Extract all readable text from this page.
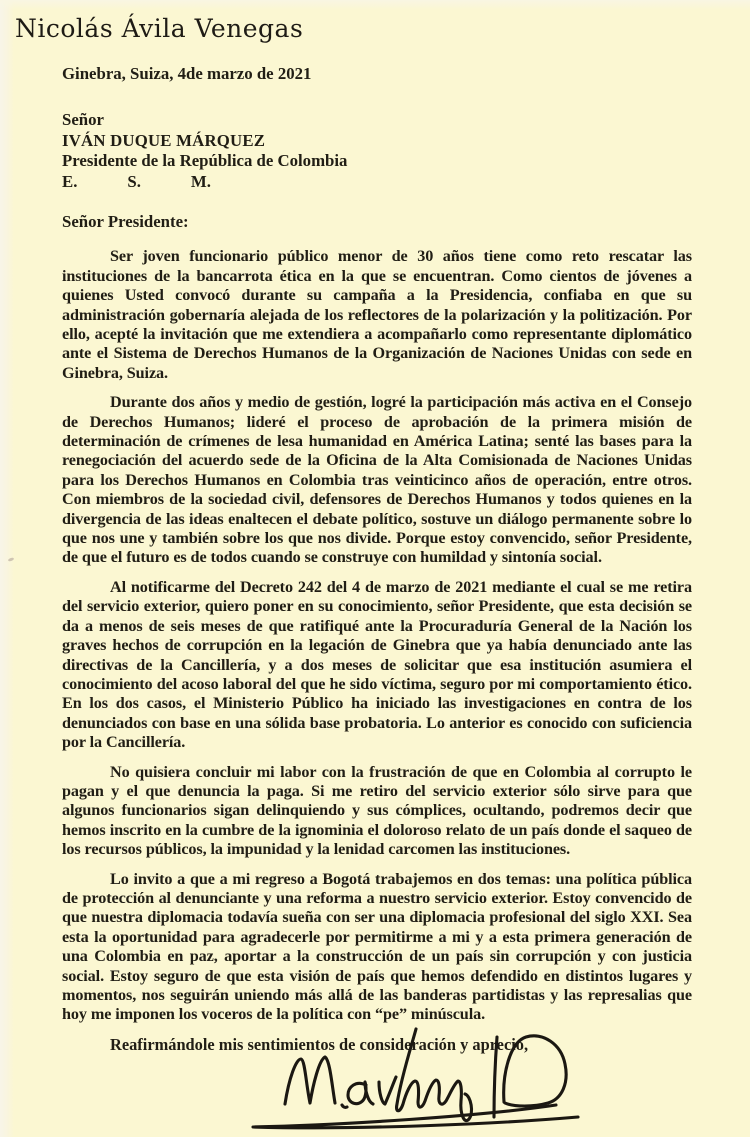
Nicolás Ávila Venegas
Ginebra, Suiza, 4de marzo de 2021
Señor
IVÁN DUQUE MÁRQUEZ
Presidente de la República de Colombia
E.	S.	M.
Señor Presidente:

Ser joven funcionario público menor de 30 años tiene como reto rescatar las instituciones de la bancarrota ética en la que se encuentran. Como cientos de jóvenes a quienes Usted convocó durante su campaña a la Presidencia, confiaba en que su administración gobernaría alejada de los reflectores de la polarización y la politización. Por ello, acepté la invitación que me extendiera a acompañarlo como representante diplomático ante el Sistema de Derechos Humanos de la Organización de Naciones Unidas con sede en Ginebra, Suiza.

Durante dos años y medio de gestión, logré la participación más activa en el Consejo de Derechos Humanos; lideré el proceso de aprobación de la primera misión de determinación de crímenes de lesa humanidad en América Latina; senté las bases para la renegociación del acuerdo sede de la Oficina de la Alta Comisionada de Naciones Unidas para los Derechos Humanos en Colombia tras veinticinco años de operación, entre otros. Con miembros de la sociedad civil, defensores de Derechos Humanos y todos quienes en la divergencia de las ideas enaltecen el debate político, sostuve un diálogo permanente sobre lo que nos une y también sobre los que nos divide. Porque estoy convencido, señor Presidente, de que el futuro es de todos cuando se construye con humildad y sintonía social.

Al notificarme del Decreto 242 del 4 de marzo de 2021 mediante el cual se me retira del servicio exterior, quiero poner en su conocimiento, señor Presidente, que esta decisión se da a menos de seis meses de que ratifiqué ante la Procuraduría General de la Nación los graves hechos de corrupción en la legación de Ginebra que ya había denunciado ante las directivas de la Cancillería, y a dos meses de solicitar que esa institución asumiera el conocimiento del acoso laboral del que he sido víctima, seguro por mi comportamiento ético. En los dos casos, el Ministerio Público ha iniciado las investigaciones en contra de los denunciados con base en una sólida base probatoria. Lo anterior es conocido con suficiencia por la Cancillería.

No quisiera concluir mi labor con la frustración de que en Colombia al corrupto le pagan y el que denuncia la paga. Si me retiro del servicio exterior sólo sirve para que algunos funcionarios sigan delinquiendo y sus cómplices, ocultando, podremos decir que hemos inscrito en la cumbre de la ignominia el doloroso relato de un país donde el saqueo de los recursos públicos, la impunidad y la lenidad carcomen las instituciones.

Lo invito a que a mi regreso a Bogotá trabajemos en dos temas: una política pública de protección al denunciante y una reforma a nuestro servicio exterior. Estoy convencido de que nuestra diplomacia todavía sueña con ser una diplomacia profesional del siglo XXI. Sea esta la oportunidad para agradecerle por permitirme a mi y a esta primera generación de una Colombia en paz, aportar a la construcción de un país sin corrupción y con justicia social. Estoy seguro de que esta visión de país que hemos defendido en distintos lugares y momentos, nos seguirán uniendo más allá de las banderas partidistas y las represalias que hoy me imponen los voceros de la política con “pe” minúscula.

Reafirmándole mis sentimientos de consideración y aprecio,
